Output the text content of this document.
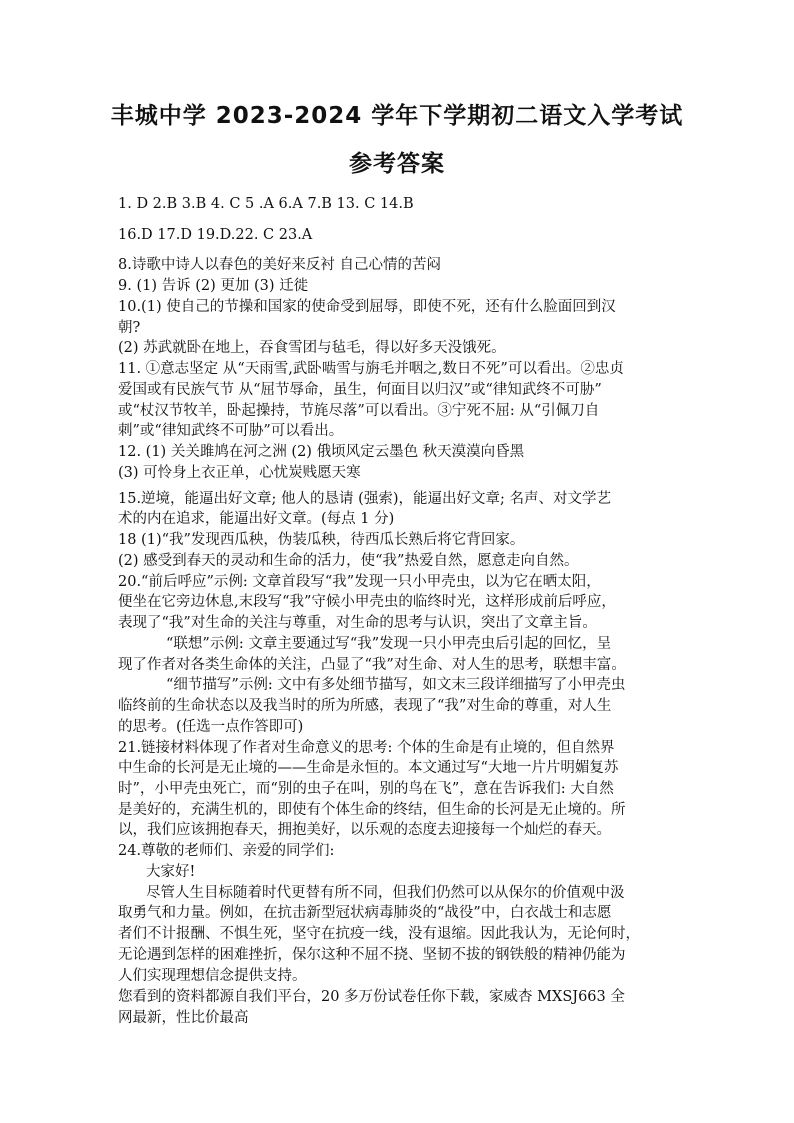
丰城中学 2023-2024 学年下学期初二语文入学考试
参考答案
1. D 2.B 3.B 4. C 5 .A 6.A 7.B 13. C 14.B
16.D 17.D 19.D.22. C 23.A
8.诗歌中诗人以春色的美好来反衬 自己心情的苦闷
9. (1) 告诉 (2) 更加 (3) 迁徙
10.(1) 使自己的节操和国家的使命受到屈辱，即使不死，还有什么脸面回到汉
朝?
(2) 苏武就卧在地上，吞食雪团与毡毛，得以好多天没饿死。
11. ①意志坚定 从“天雨雪,武卧啮雪与旃毛并咽之,数日不死”可以看出。②忠贞
爱国或有民族气节 从“屈节辱命，虽生，何面目以归汉”或“律知武终不可胁”
或“杖汉节牧羊，卧起操持，节旄尽落”可以看出。③宁死不屈: 从“引佩刀自
刺”或“律知武终不可胁”可以看出。
12. (1) 关关雎鸠在河之洲 (2) 俄顷风定云墨色 秋天漠漠向昏黑
(3) 可怜身上衣正单，心忧炭贱愿天寒
15.逆境，能逼出好文章; 他人的恳请 (强索)，能逼出好文章; 名声、对文学艺
术的内在追求，能逼出好文章。(每点 1 分)
18 (1)“我”发现西瓜秧，伪装瓜秧，待西瓜长熟后将它背回家。
(2) 感受到春天的灵动和生命的活力，使“我”热爱自然，愿意走向自然。
20.“前后呼应”示例: 文章首段写“我”发现一只小甲壳虫，以为它在晒太阳，
便坐在它旁边休息,末段写“我”守候小甲壳虫的临终时光，这样形成前后呼应，
表现了“我”对生命的关注与尊重，对生命的思考与认识，突出了文章主旨。
“联想”示例: 文章主要通过写“我”发现一只小甲壳虫后引起的回忆，呈
现了作者对各类生命体的关注，凸显了“我”对生命、对人生的思考，联想丰富。
“细节描写”示例: 文中有多处细节描写，如文末三段详细描写了小甲壳虫
临终前的生命状态以及我当时的所为所感，表现了“我”对生命的尊重，对人生
的思考。(任选一点作答即可)
21.链接材料体现了作者对生命意义的思考: 个体的生命是有止境的，但自然界
中生命的长河是无止境的——生命是永恒的。本文通过写“大地一片片明媚复苏
时”，小甲壳虫死亡，而“别的虫子在叫，别的鸟在飞”，意在告诉我们: 大自然
是美好的，充满生机的，即使有个体生命的终结，但生命的长河是无止境的。所
以，我们应该拥抱春天，拥抱美好，以乐观的态度去迎接每一个灿烂的春天。
24.尊敬的老师们、亲爱的同学们:
大家好!
尽管人生目标随着时代更替有所不同，但我们仍然可以从保尔的价值观中汲
取勇气和力量。例如，在抗击新型冠状病毒肺炎的“战役”中，白衣战士和志愿
者们不计报酬、不惧生死，坚守在抗疫一线，没有退缩。因此我认为，无论何时，
无论遇到怎样的困难挫折，保尔这种不屈不挠、坚韧不拔的钢铁般的精神仍能为
人们实现理想信念提供支持。
您看到的资料都源自我们平台，20 多万份试卷任你下载，家威杏 MXSJ663 全
网最新，性比价最高
